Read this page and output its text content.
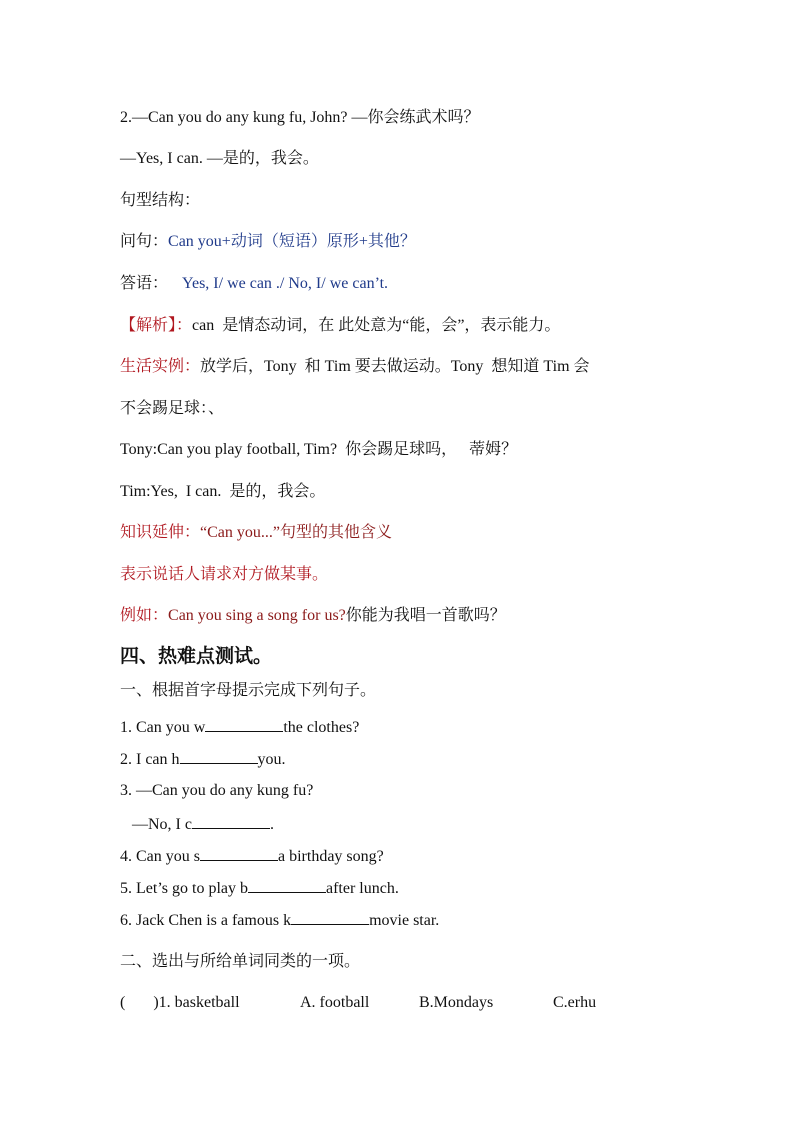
2.—Can you do any kung fu, John? —你会练武术吗？
—Yes, I can. —是的，我会。
句型结构：
问句：Can you+动词（短语）原形+其他？
答语： Yes, I/ we can ./ No, I/ we can’t.
【解析】：can  是情态动词，在 此处意为“能，会”，表示能力。
生活实例：放学后，Tony  和 Tim 要去做运动。Tony  想知道 Tim 会
不会踢足球：、
Tony:Can you play football, Tim?  你会踢足球吗，   蒂姆？
Tim:Yes,  I can.  是的，我会。
知识延伸：“Can you...”句型的其他含义
表示说话人请求对方做某事。
例如：Can you sing a song for us?你能为我唱一首歌吗？
四、热难点测试。
一、根据首字母提示完成下列句子。
1. Can you w	the clothes?
2. I can h	you.
3. —Can you do any kung fu?
—No, I c	.
4. Can you s	a birthday song?
5. Let’s go to play b	after lunch.
6. Jack Chen is a famous k	movie star.
二、选出与所给单词同类的一项。
(       )1. basketball	A. football	B.Mondays	C.erhu
